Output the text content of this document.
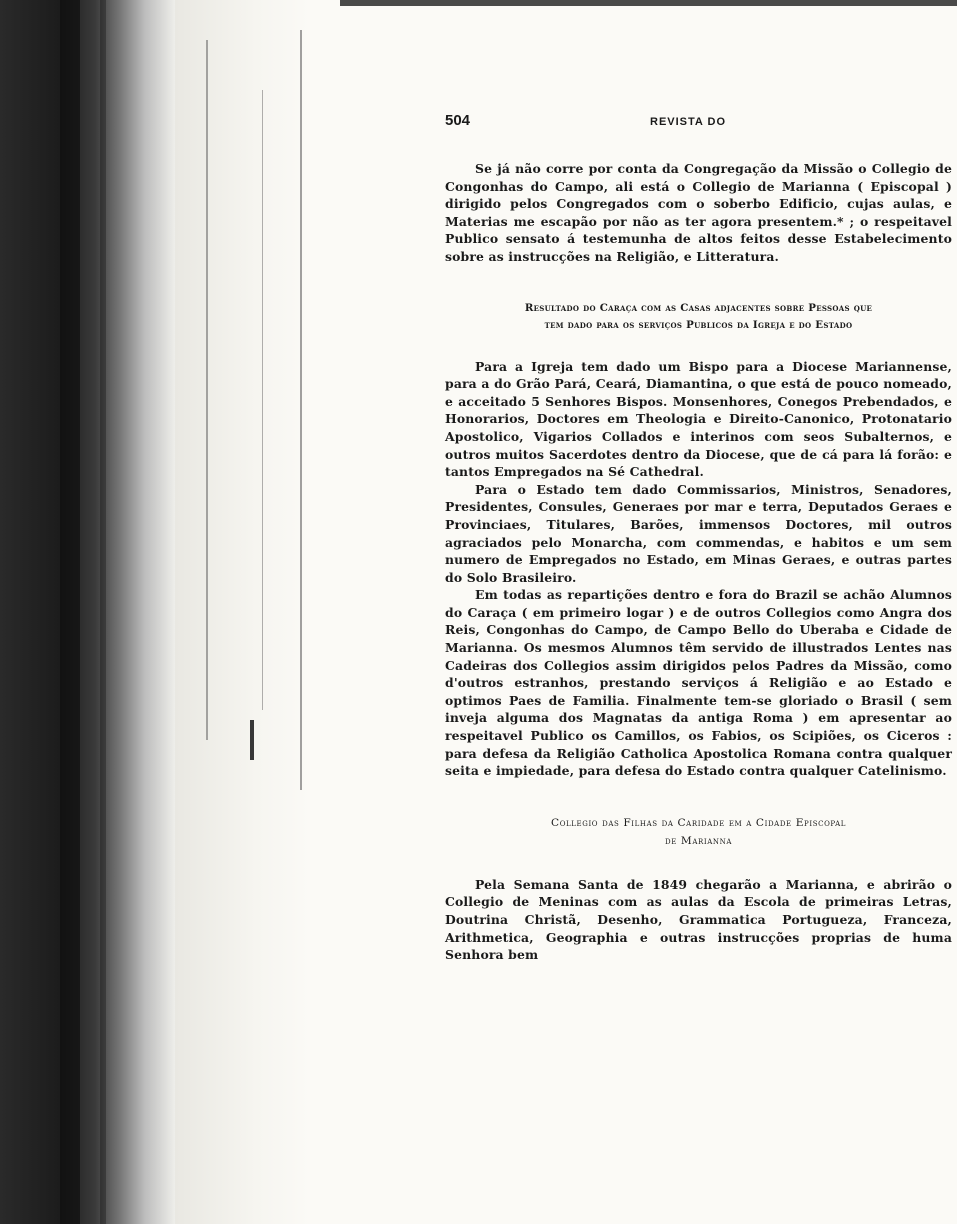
504	REVISTA DO

Se já não corre por conta da Congregação da Missão o Collegio de Congonhas do Campo, ali está o Collegio de Marianna ( Episcopal ) dirigido pelos Congregados com o soberbo Edificio, cujas aulas, e Materias me escapão por não as ter agora presentem.* ; o respeitavel Publico sensato á testemunha de altos feitos desse Estabelecimento sobre as instrucções na Religião, e Litteratura.

Resultado do Caraça com as Casas adjacentes sobre Pessoas que

tem dado para os serviços Publicos da Igreja e do Estado

Para a Igreja tem dado um Bispo para a Diocese Mariannense, para a do Grão Pará, Ceará, Diamantina, o que está de pouco nomeado, e acceitado 5 Senhores Bispos. Monsenhores, Conegos Prebendados, e Honorarios, Doctores em Theologia e Direito-Canonico, Protonatario Apostolico, Vigarios Collados e interinos com seos Subalternos, e outros muitos Sacerdotes dentro da Diocese, que de cá para lá forão: e tantos Empregados na Sé Cathedral.

Para o Estado tem dado Commissarios, Ministros, Senadores, Presidentes, Consules, Generaes por mar e terra, Deputados Geraes e Provinciaes, Titulares, Barões, immensos Doctores, mil outros agraciados pelo Monarcha, com commendas, e habitos e um sem numero de Empregados no Estado, em Minas Geraes, e outras partes do Solo Brasileiro.

Em todas as repartições dentro e fora do Brazil se achão Alumnos do Caraça ( em primeiro logar ) e de outros Collegios como Angra dos Reis, Congonhas do Campo, de Campo Bello do Uberaba e Cidade de Marianna. Os mesmos Alumnos têm servido de illustrados Lentes nas Cadeiras dos Collegios assim dirigidos pelos Padres da Missão, como d'outros estranhos, prestando serviços á Religião e ao Estado e optimos Paes de Familia. Finalmente tem-se gloriado o Brasil ( sem inveja alguma dos Magnatas da antiga Roma ) em apresentar ao respeitavel Publico os Camillos, os Fabios, os Scipiões, os Ciceros : para defesa da Religião Catholica Apostolica Romana contra qualquer seita e impiedade, para defesa do Estado contra qualquer Catelinismo.

Collegio das Filhas da Caridade em a Cidade Episcopal

de Marianna

Pela Semana Santa de 1849 chegarão a Marianna, e abrirão o Collegio de Meninas com as aulas da Escola de primeiras Letras, Doutrina Christã, Desenho, Grammatica Portugueza, Franceza, Arithmetica, Geographia e outras instrucções proprias de huma Senhora bem
